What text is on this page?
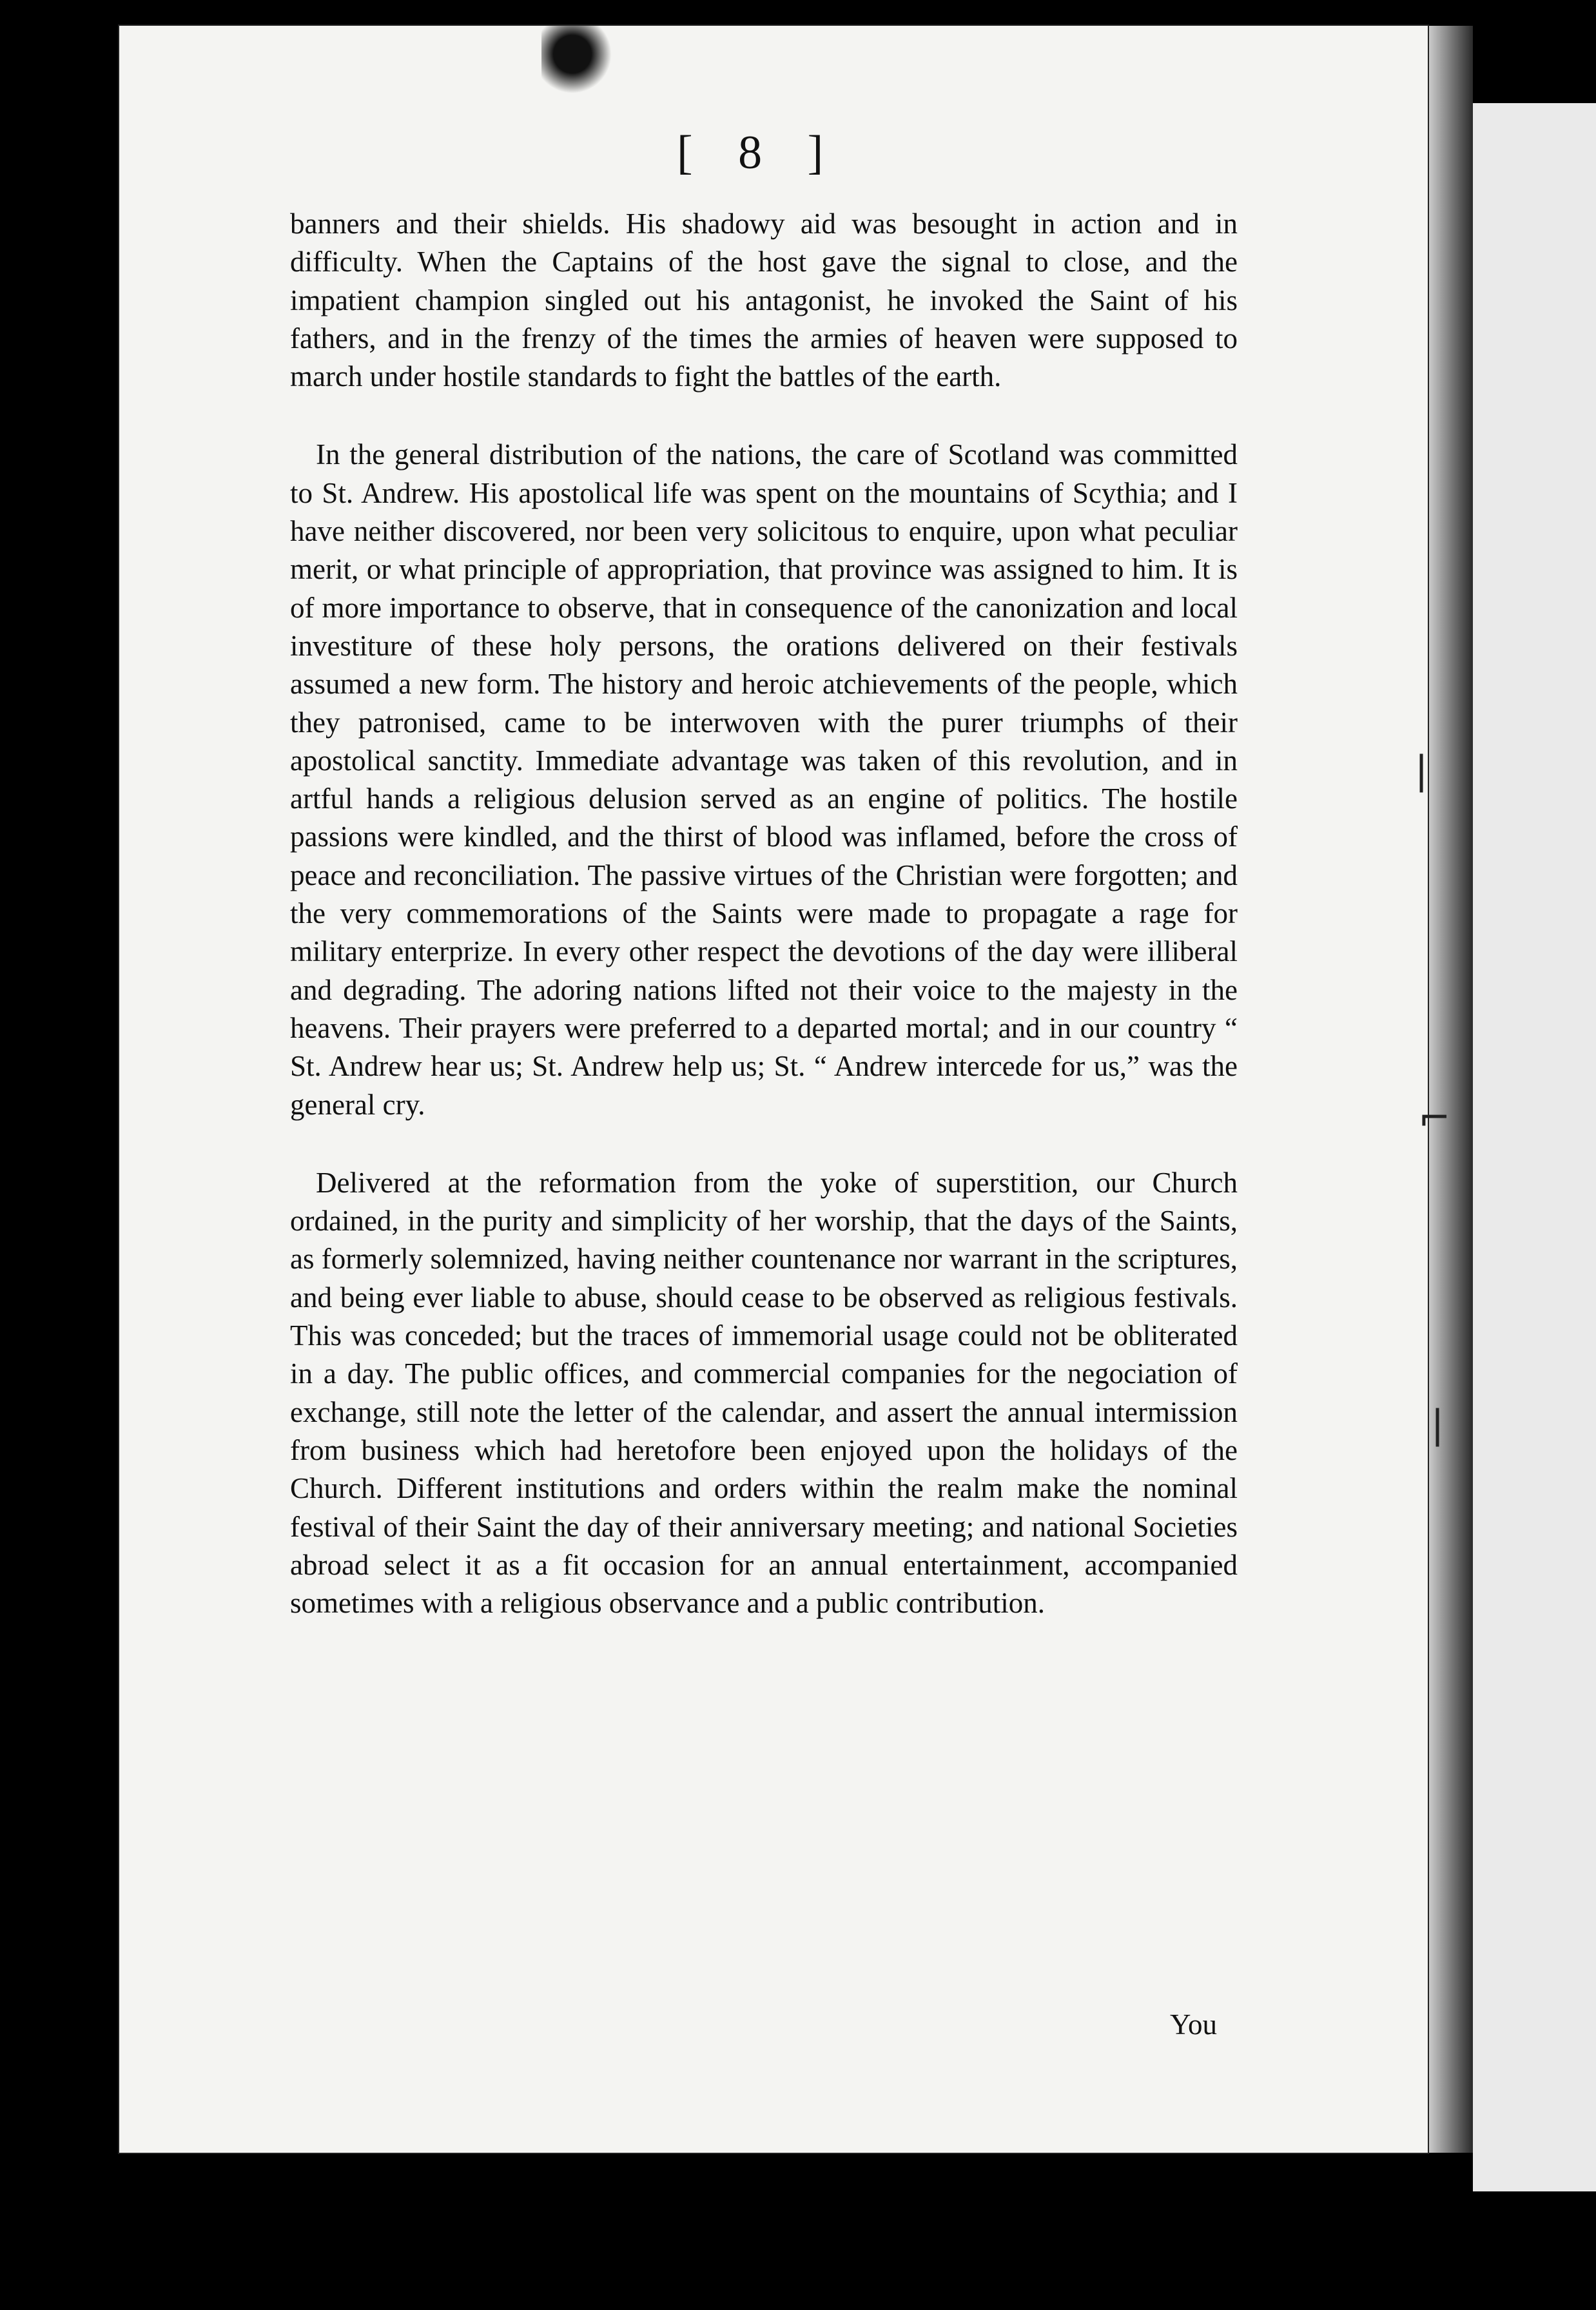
[ 8 ]

banners and their shields. His shadowy aid was besought in action and in difficulty. When the Captains of the host gave the signal to close, and the impatient champion singled out his antagonist, he invoked the Saint of his fathers, and in the frenzy of the times the armies of heaven were supposed to march under hostile standards to fight the battles of the earth.

In the general distribution of the nations, the care of Scotland was committed to St. Andrew. His apostolical life was spent on the mountains of Scythia; and I have neither discovered, nor been very solicitous to enquire, upon what peculiar merit, or what principle of appropriation, that province was assigned to him. It is of more importance to observe, that in consequence of the canonization and local investiture of these holy persons, the orations delivered on their festivals assumed a new form. The history and heroic atchievements of the people, which they patronised, came to be interwoven with the purer triumphs of their apostolical sanctity. Immediate advantage was taken of this revolution, and in artful hands a religious delusion served as an engine of politics. The hostile passions were kindled, and the thirst of blood was inflamed, before the cross of peace and reconciliation. The passive virtues of the Christian were forgotten; and the very commemorations of the Saints were made to propagate a rage for military enterprize. In every other respect the devotions of the day were illiberal and degrading. The adoring nations lifted not their voice to the majesty in the heavens. Their prayers were preferred to a departed mortal; and in our country “ St. Andrew hear us; St. Andrew help us; St. “ Andrew intercede for us,” was the general cry.

Delivered at the reformation from the yoke of superstition, our Church ordained, in the purity and simplicity of her worship, that the days of the Saints, as formerly solemnized, having neither countenance nor warrant in the scriptures, and being ever liable to abuse, should cease to be observed as religious festivals. This was conceded; but the traces of immemorial usage could not be obliterated in a day. The public offices, and commercial companies for the negociation of exchange, still note the letter of the calendar, and assert the annual intermission from business which had heretofore been enjoyed upon the holidays of the Church. Different institutions and orders within the realm make the nominal festival of their Saint the day of their anniversary meeting; and national Societies abroad select it as a fit occasion for an annual entertainment, accompanied sometimes with a religious observance and a public contribution.

You

❘
⌐
❘
